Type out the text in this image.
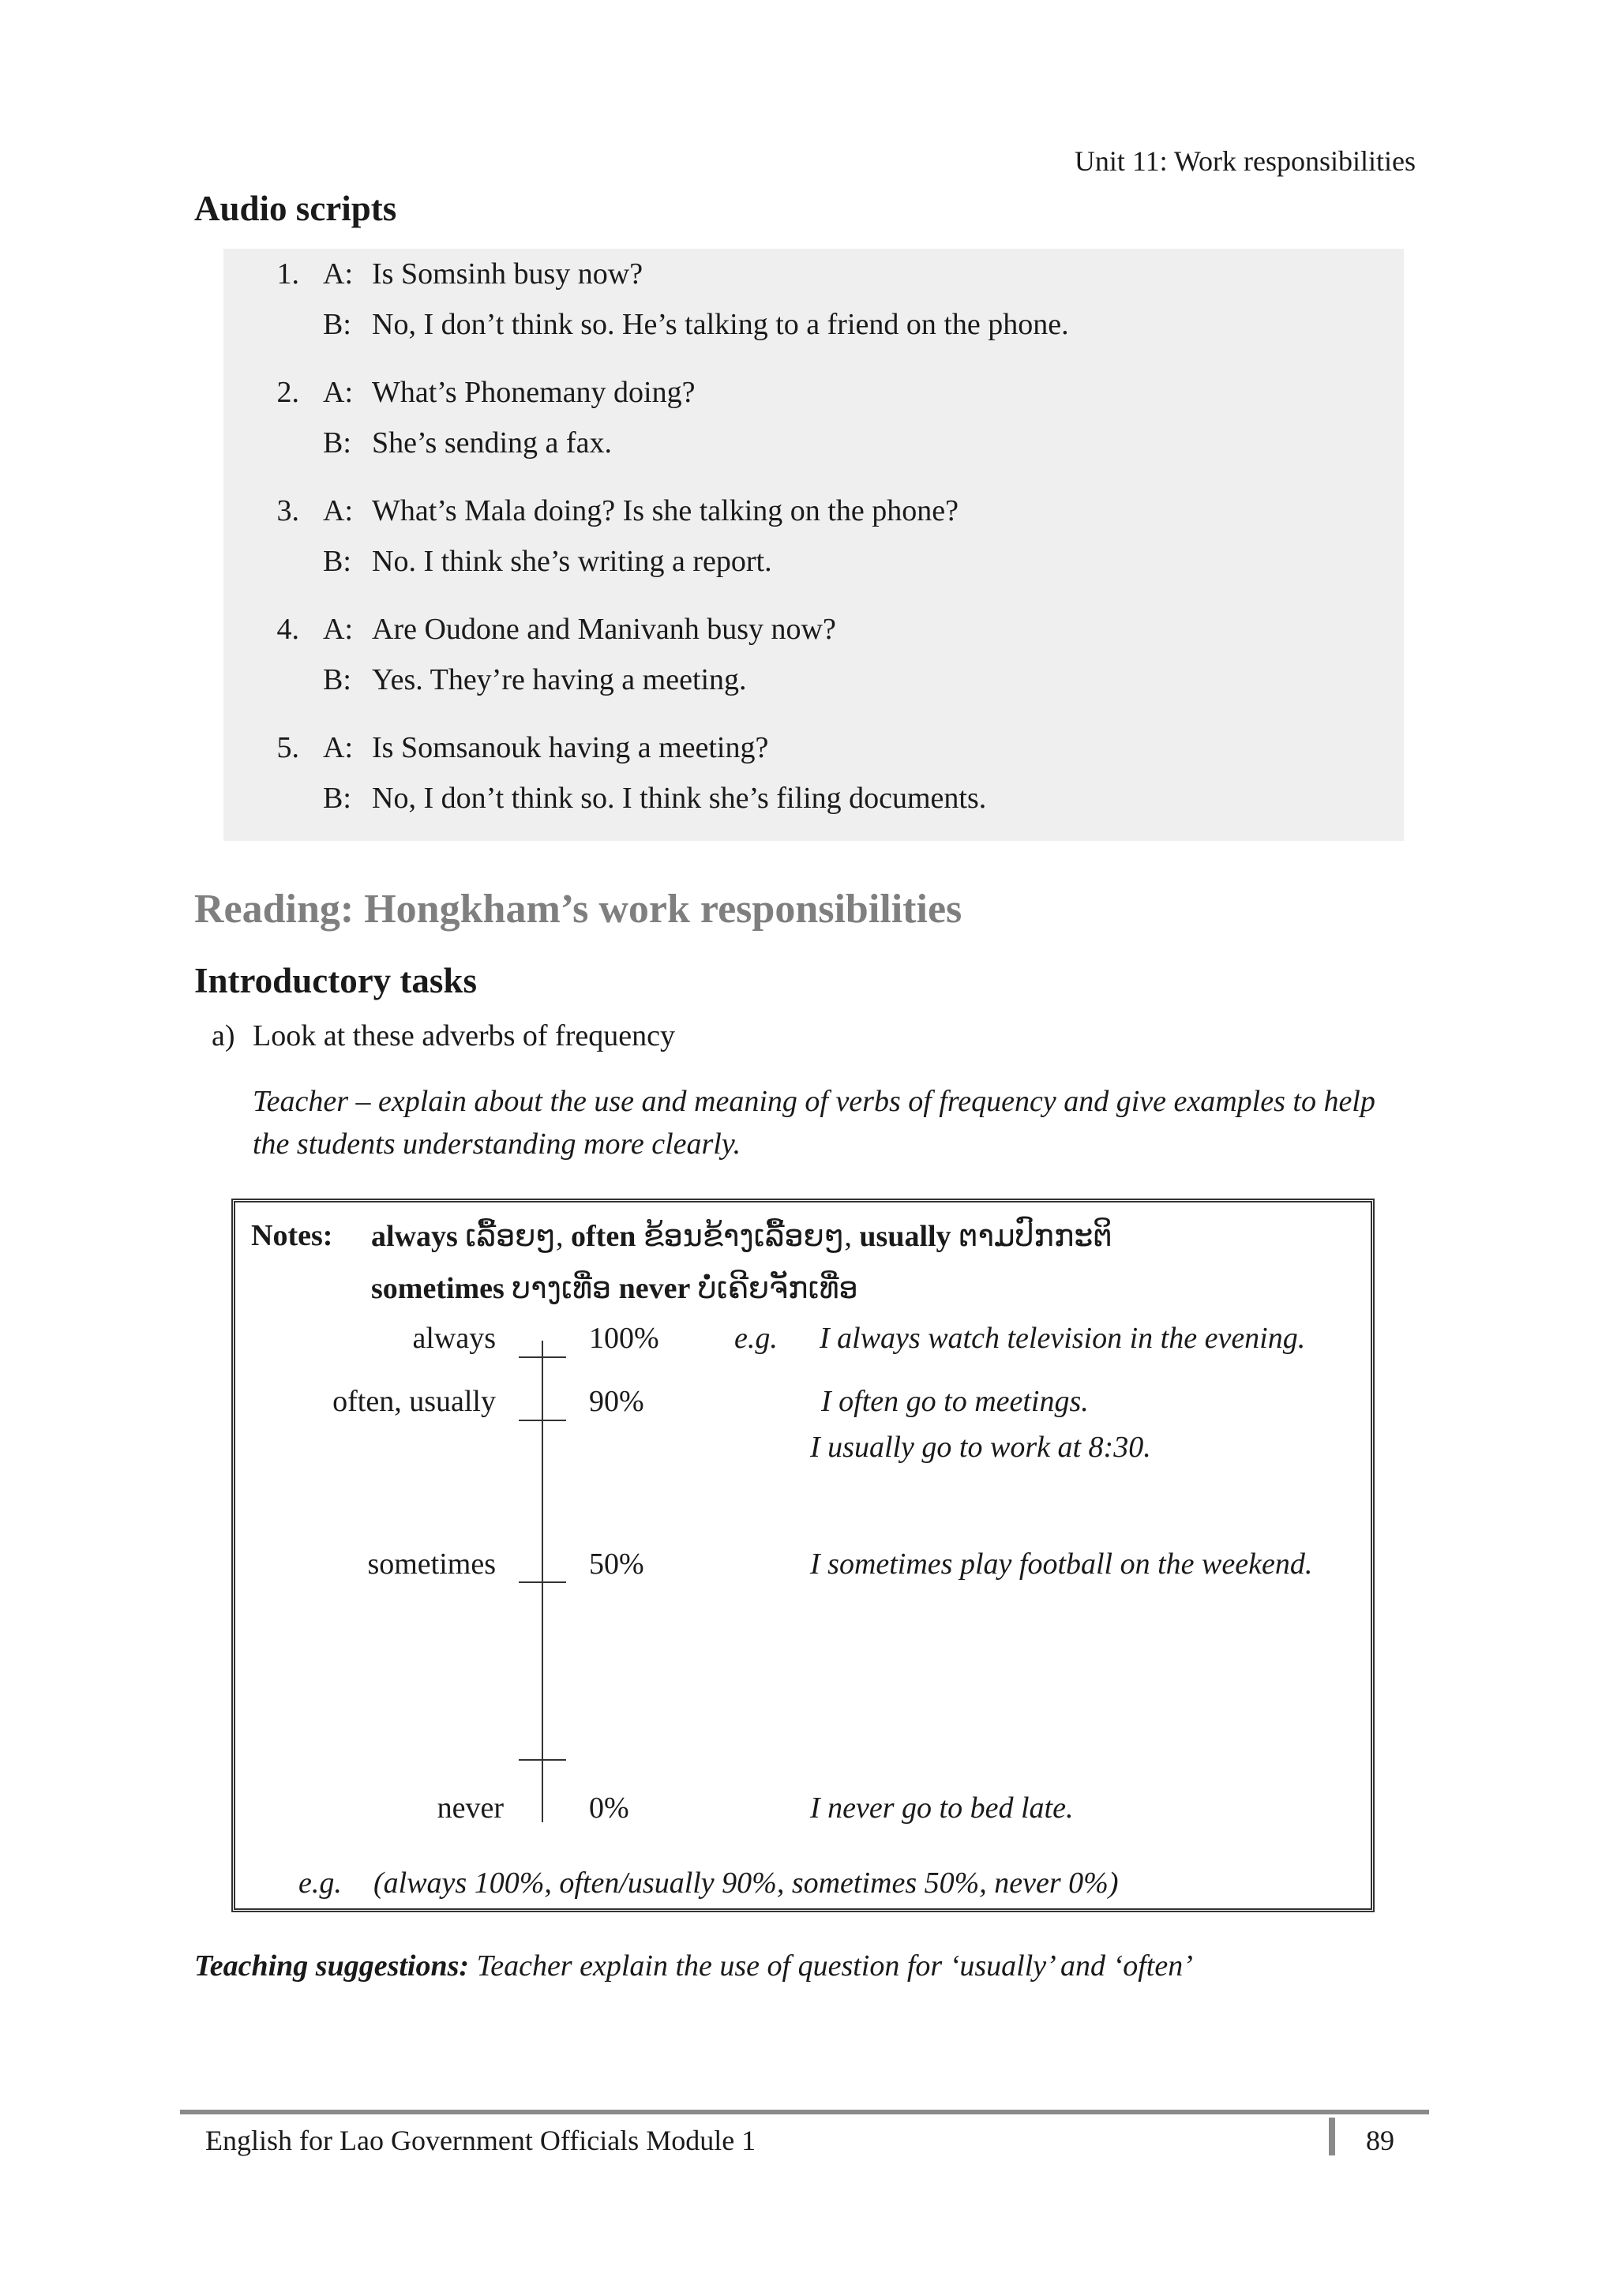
Unit 11: Work responsibilities
Audio scripts
1. A: Is Somsinh busy now?
B: No, I don’t think so. He’s talking to a friend on the phone.
2. A: What’s Phonemany doing?
B: She’s sending a fax.
3. A: What’s Mala doing? Is she talking on the phone?
B: No. I think she’s writing a report.
4. A: Are Oudone and Manivanh busy now?
B: Yes. They’re having a meeting.
5. A: Is Somsanouk having a meeting?
B: No, I don’t think so. I think she’s filing documents.
Reading: Hongkham’s work responsibilities
Introductory tasks
a) Look at these adverbs of frequency
Teacher – explain about the use and meaning of verbs of frequency and give examples to help the students understanding more clearly.
Notes: always ເລື້ອຍໆ, often ຂ້ອນຂ້າງເລື້ອຍໆ, usually ຕາມປົກກະຕິ
sometimes ບາງເທື່ອ never ບໍ່ເຄີຍຈັກເທື່ອ
always
often, usually
sometimes
never
100%
90%
50%
0%
e.g. I always watch television in the evening.
I often go to meetings.
I usually go to work at 8:30.
I sometimes play football on the weekend.
I never go to bed late.
e.g. (always 100%, often/usually 90%, sometimes 50%, never 0%)
Teaching suggestions: Teacher explain the use of question for ‘usually’ and ‘often’
English for Lao Government Officials Module 1	89
